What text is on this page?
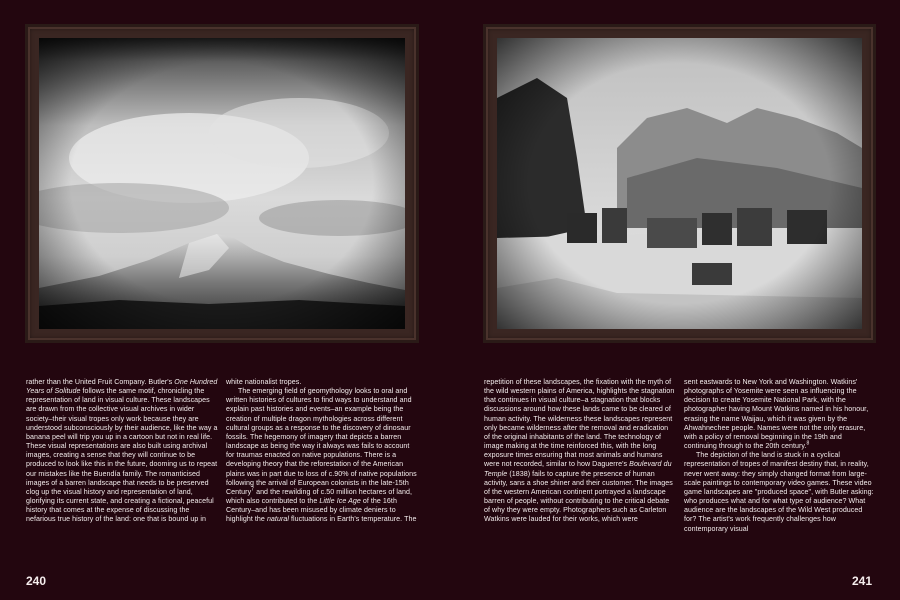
rather than the United Fruit Company. Butler's One Hundred Years of Solitude follows the same motif, chronicling the representation of land in visual culture. These landscapes are drawn from the collective visual archives in wider society–their visual tropes only work because they are understood subconsciously by their audience, like the way a banana peel will trip you up in a cartoon but not in real life. These visual representations are also built using archival images, creating a sense that they will continue to be produced to look like this in the future, dooming us to repeat our mistakes like the Buendía family. The romanticised images of a barren landscape that needs to be preserved clog up the visual history and representation of land, glorifying its current state, and creating a fictional, peaceful history that comes at the expense of discussing the nefarious true history of the land: one that is bound up in

white nationalist tropes.

The emerging field of geomythology looks to oral and written histories of cultures to find ways to understand and explain past histories and events–an example being the creation of multiple dragon mythologies across different cultural groups as a response to the discovery of dinosaur fossils. The hegemony of imagery that depicts a barren landscape as being the way it always was fails to account for traumas enacted on native populations. There is a developing theory that the reforestation of the American plains was in part due to loss of c.90% of native populations following the arrival of European colonists in the late-15th Century$^7$ and the rewilding of c.50 million hectares of land, which also contributed to the Little Ice Age of the 16th Century–and has been misused by climate deniers to highlight the natural fluctuations in Earth's temperature. The

repetition of these landscapes, the fixation with the myth of the wild western plains of America, highlights the stagnation that continues in visual culture–a stagnation that blocks discussions around how these lands came to be cleared of human activity. The wilderness these landscapes represent only became wilderness after the removal and eradication of the original inhabitants of the land. The technology of image making at the time reinforced this, with the long exposure times ensuring that most animals and humans were not recorded, similar to how Daguerre's Boulevard du Temple (1838) fails to capture the presence of human activity, sans a shoe shiner and their customer. The images of the western American continent portrayed a landscape barren of people, without contributing to the critical debate of why they were empty. Photographers such as Carleton Watkins were lauded for their works, which were

sent eastwards to New York and Washington. Watkins' photographs of Yosemite were seen as influencing the decision to create Yosemite National Park, with the photographer having Mount Watkins named in his honour, erasing the name Waijau, which it was given by the Ahwahnechee people. Names were not the only erasure, with a policy of removal beginning in the 19th and continuing through to the 20th century.$^8$

The depiction of the land is stuck in a cyclical representation of tropes of manifest destiny that, in reality, never went away: they simply changed format from large-scale paintings to contemporary video games. These video game landscapes are "produced space", with Butler asking: who produces what and for what type of audience? What audience are the landscapes of the Wild West produced for? The artist's work frequently challenges how contemporary visual

240	241
